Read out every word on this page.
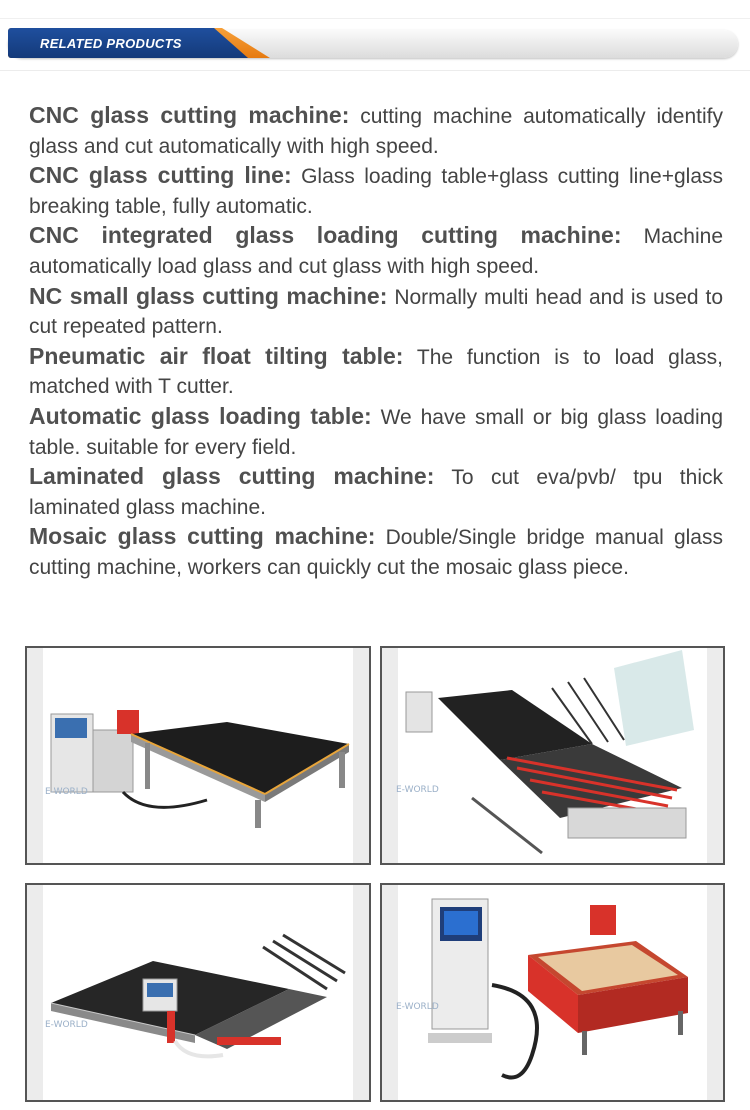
RELATED PRODUCTS

CNC glass cutting machine: cutting machine automatically identify glass and cut automatically with high speed.

CNC glass cutting line: Glass loading table+glass cutting line+glass breaking table, fully automatic.

CNC integrated glass loading cutting machine: Machine automatically load glass and cut glass with high speed.

NC small glass cutting machine: Normally multi head and is used to cut repeated pattern.

Pneumatic air float tilting table: The function is to load glass, matched with T cutter.

Automatic glass loading table: We have small or big glass loading table. suitable for every field.

Laminated glass cutting machine: To cut eva/pvb/ tpu thick laminated glass machine.

Mosaic glass cutting machine: Double/Single bridge manual glass cutting machine, workers can quickly cut the mosaic glass piece.

E-WORLD	E-WORLD
E-WORLD
E-WORLD
